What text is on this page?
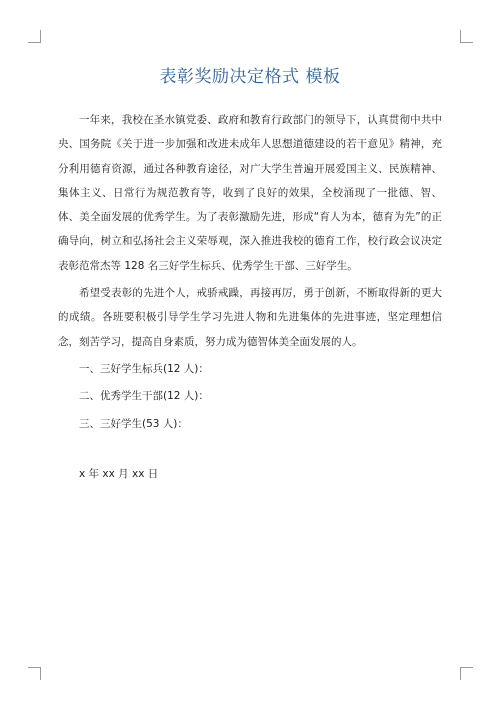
表彰奖励决定格式 模板

一年来，我校在圣水镇党委、政府和教育行政部门的领导下，认真贯彻中共中央、国务院《关于进一步加强和改进未成年人思想道德建设的若干意见》精神，充分利用德育资源，通过各种教育途径，对广大学生普遍开展爱国主义、民族精神、集体主义、日常行为规范教育等，收到了良好的效果，全校涌现了一批德、智、体、美全面发展的优秀学生。为了表彰激励先进，形成“育人为本，德育为先”的正确导向，树立和弘扬社会主义荣辱观，深入推进我校的德育工作，校行政会议决定表彰范常杰等 128 名三好学生标兵、优秀学生干部、三好学生。

希望受表彰的先进个人，戒骄戒躁，再接再厉，勇于创新，不断取得新的更大的成绩。各班要积极引导学生学习先进人物和先进集体的先进事迹，坚定理想信念，刻苦学习，提高自身素质，努力成为德智体美全面发展的人。

一、三好学生标兵(12 人)：

二、优秀学生干部(12 人)：

三、三好学生(53 人)：

x 年 xx 月 xx 日
